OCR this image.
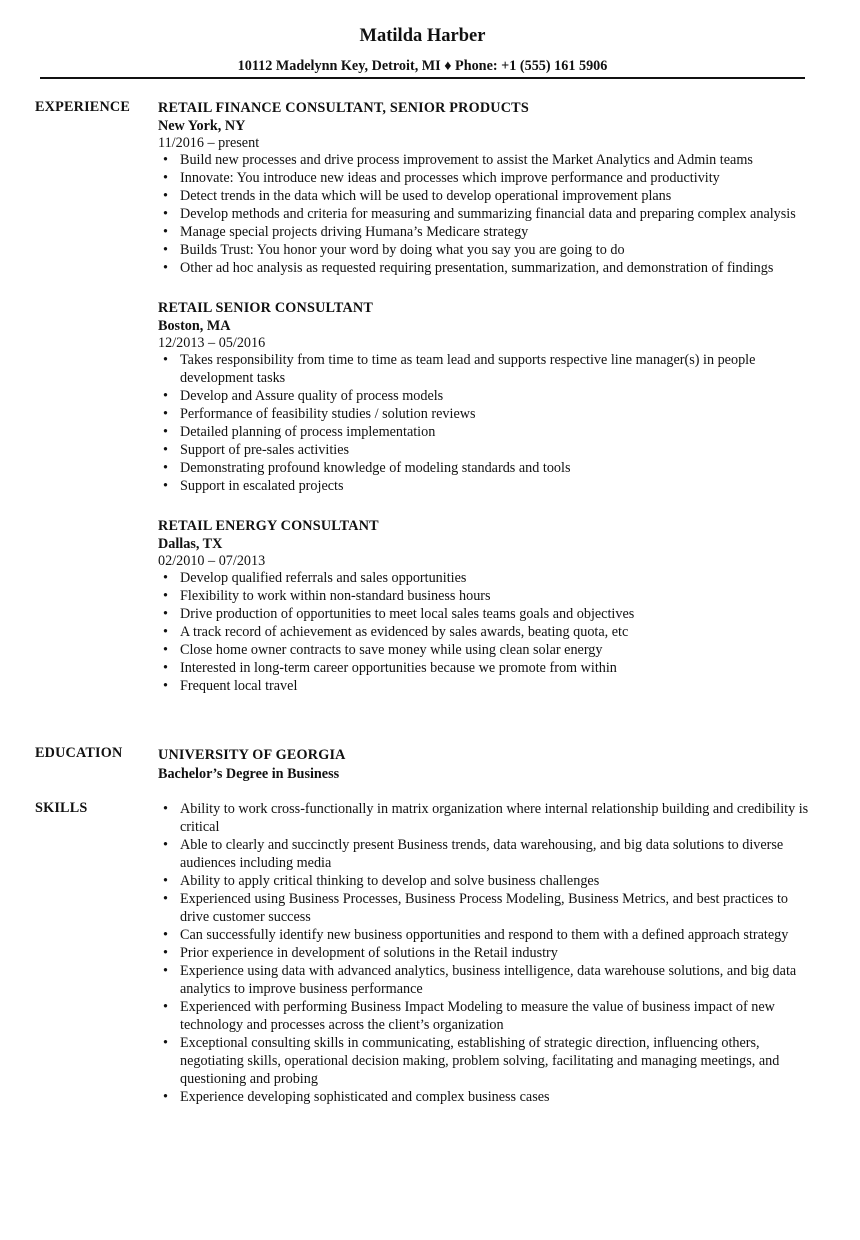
Matilda Harber
10112 Madelynn Key, Detroit, MI ♦ Phone: +1 (555) 161 5906
EXPERIENCE RETAIL FINANCE CONSULTANT, SENIOR PRODUCTS
New York, NY
11/2016 – present
• Build new processes and drive process improvement to assist the Market Analytics and Admin teams
• Innovate: You introduce new ideas and processes which improve performance and productivity
• Detect trends in the data which will be used to develop operational improvement plans
• Develop methods and criteria for measuring and summarizing financial data and preparing complex analysis
• Manage special projects driving Humana’s Medicare strategy
• Builds Trust: You honor your word by doing what you say you are going to do
• Other ad hoc analysis as requested requiring presentation, summarization, and demonstration of findings
RETAIL SENIOR CONSULTANT
Boston, MA
12/2013 – 05/2016
• Takes responsibility from time to time as team lead and supports respective line manager(s) in people development tasks
• Develop and Assure quality of process models
• Performance of feasibility studies / solution reviews
• Detailed planning of process implementation
• Support of pre-sales activities
• Demonstrating profound knowledge of modeling standards and tools
• Support in escalated projects
RETAIL ENERGY CONSULTANT
Dallas, TX
02/2010 – 07/2013
• Develop qualified referrals and sales opportunities
• Flexibility to work within non-standard business hours
• Drive production of opportunities to meet local sales teams goals and objectives
• A track record of achievement as evidenced by sales awards, beating quota, etc
• Close home owner contracts to save money while using clean solar energy
• Interested in long-term career opportunities because we promote from within
• Frequent local travel
EDUCATION	UNIVERSITY OF GEORGIA
Bachelor’s Degree in Business
SKILLS
•	Ability to work cross-functionally in matrix organization where internal relationship building and credibility is critical
• Able to clearly and succinctly present Business trends, data warehousing, and big data solutions to diverse audiences including media
• Ability to apply critical thinking to develop and solve business challenges
• Experienced using Business Processes, Business Process Modeling, Business Metrics, and best practices to drive customer success
• Can successfully identify new business opportunities and respond to them with a defined approach strategy
• Prior experience in development of solutions in the Retail industry
• Experience using data with advanced analytics, business intelligence, data warehouse solutions, and big data analytics to improve business performance
• Experienced with performing Business Impact Modeling to measure the value of business impact of new technology and processes across the client’s organization
• Exceptional consulting skills in communicating, establishing of strategic direction, influencing others, negotiating skills, operational decision making, problem solving, facilitating and managing meetings, and questioning and probing
• Experience developing sophisticated and complex business cases
